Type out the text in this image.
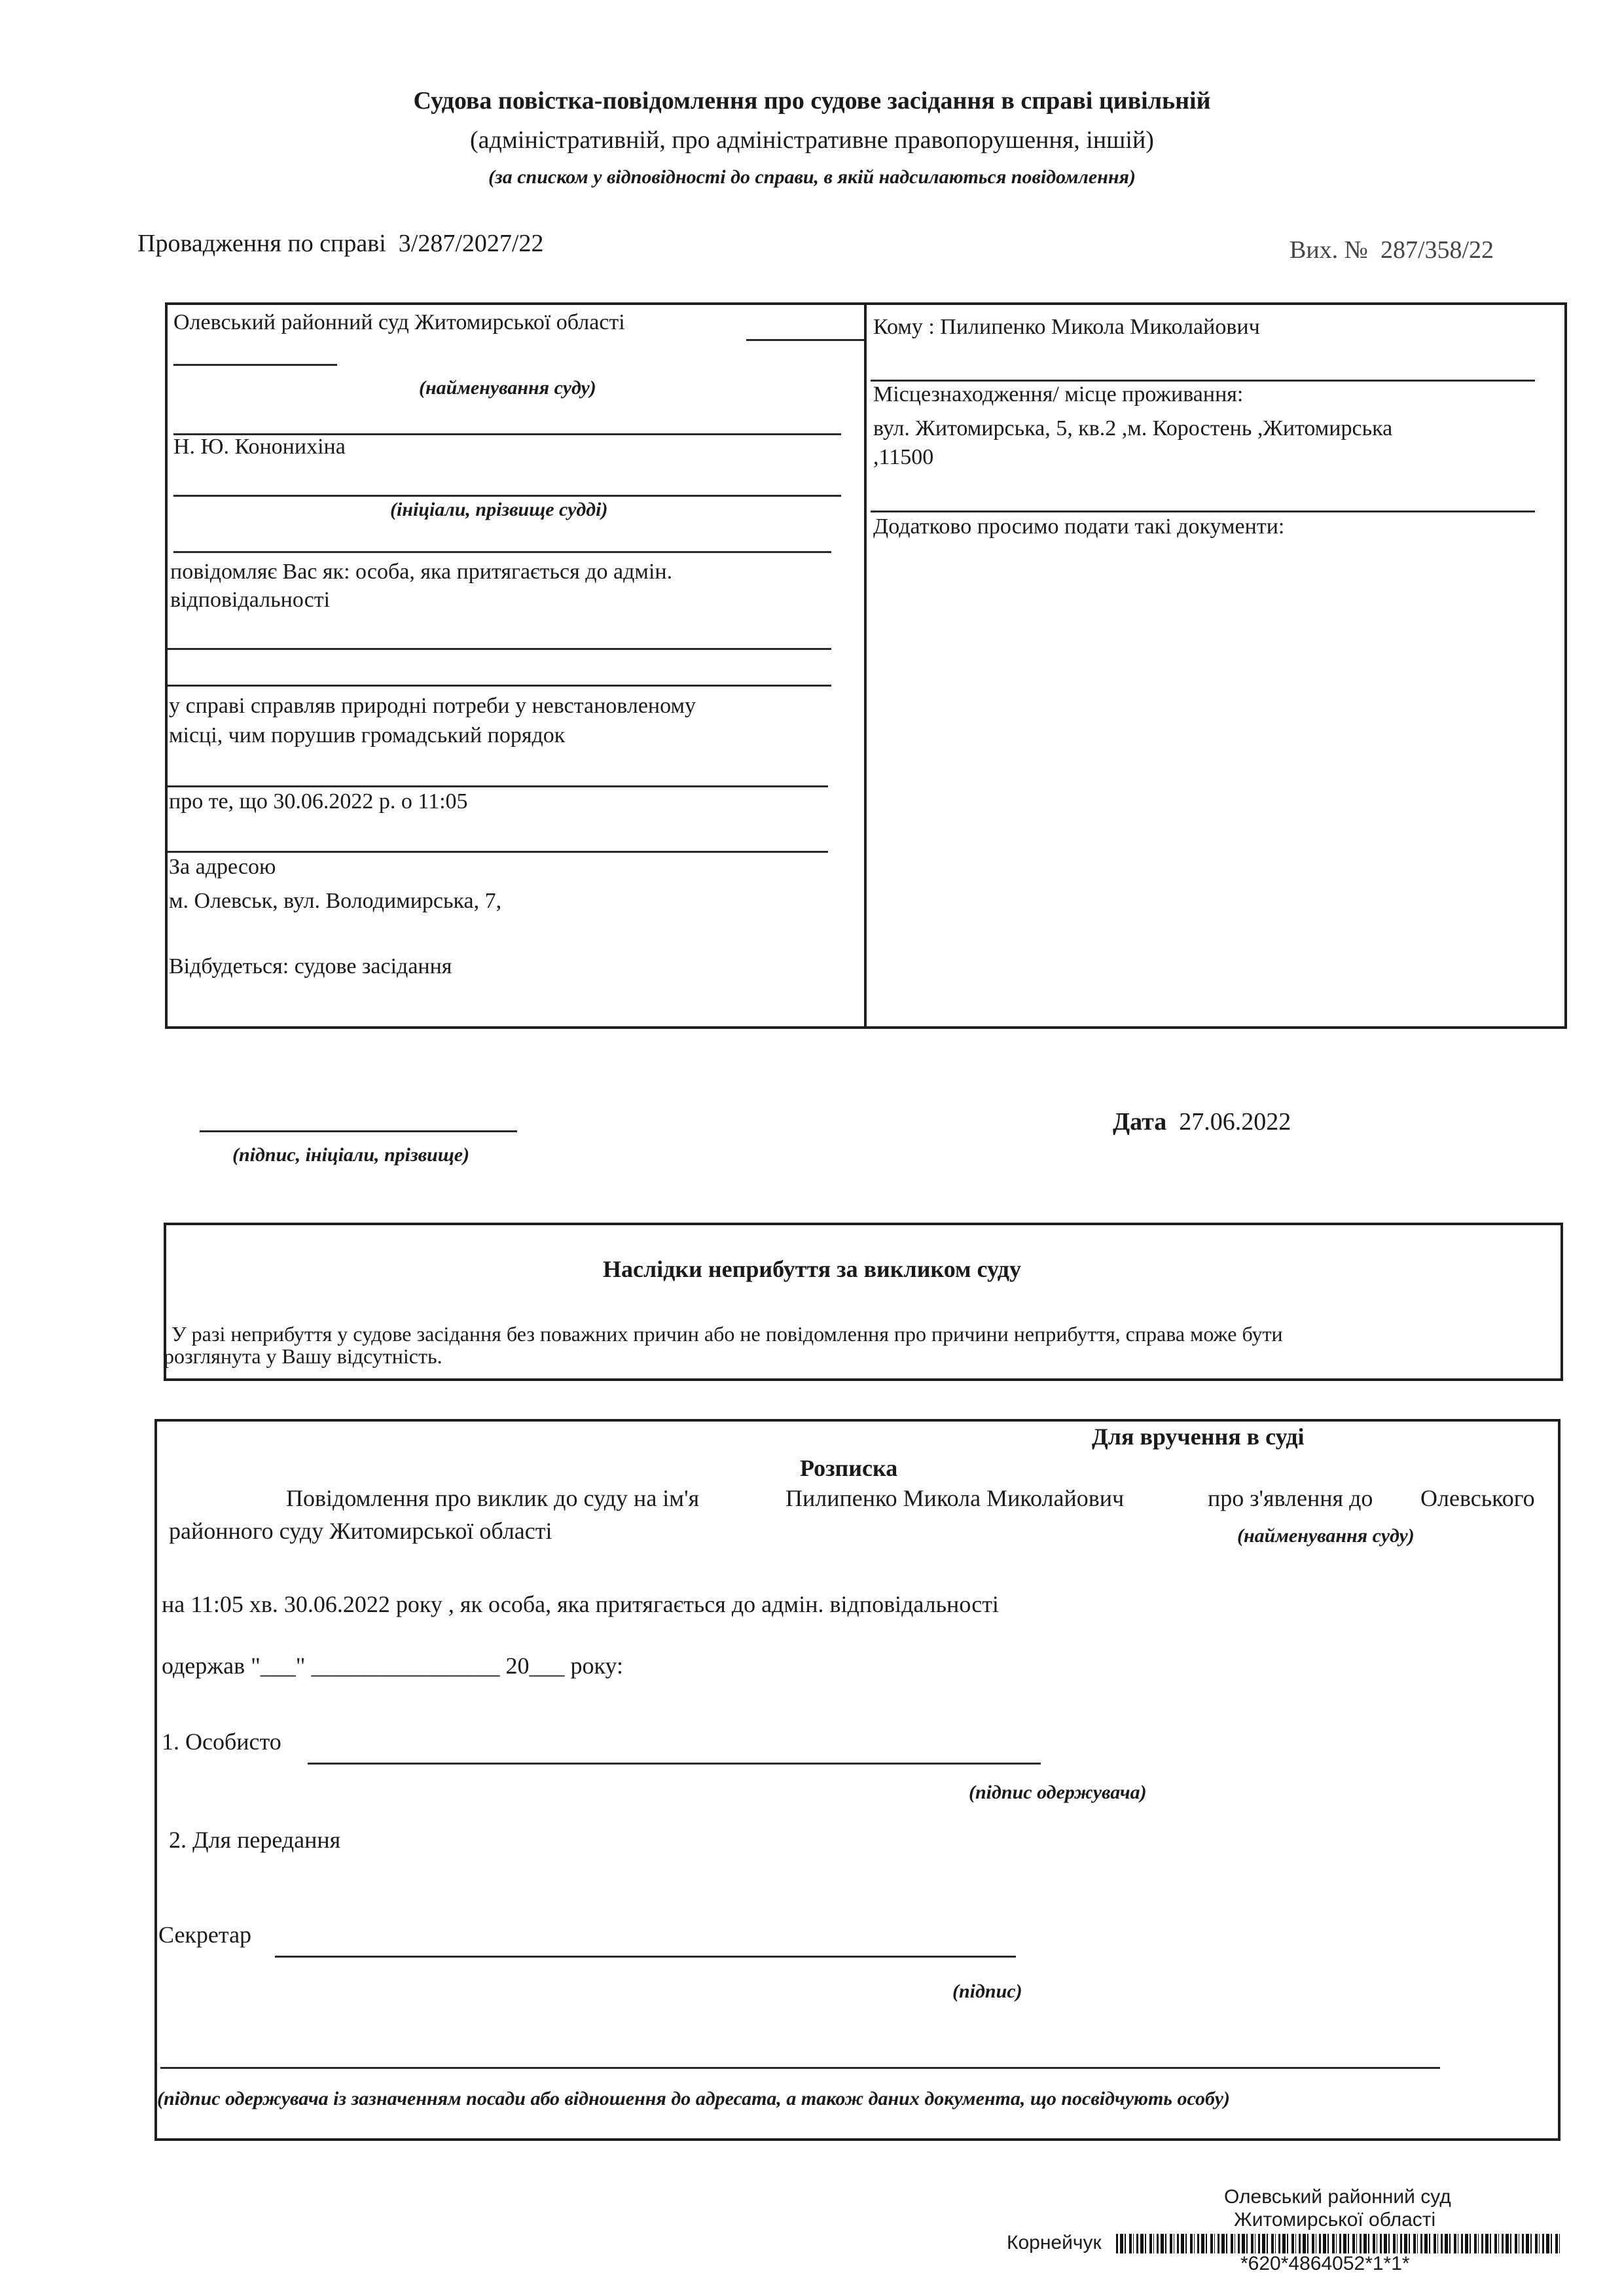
Судова повістка-повідомлення про судове засідання в справі цивільній
(адміністративній, про адміністративне правопорушення, іншій)
(за списком у відповідності до справи, в якій надсилаються повідомлення)
Провадження по справі 3/287/2027/22	Вих. № 287/358/22
Олевський районний суд Житомирської області
(найменування суду)
Н. Ю. Кононихіна
(ініціали, прізвище судді)
повідомляє Вас як: особа, яка притягається до адмін.
відповідальності
у справі справляв природні потреби у невстановленому
місці, чим порушив громадський порядок
про те, що 30.06.2022 р. о 11:05
За адресою
м. Олевськ, вул. Володимирська, 7,
Відбудеться: судове засідання
Кому : Пилипенко Микола Миколайович
Місцезнаходження/ місце проживання:
вул. Житомирська, 5, кв.2 ,м. Коростень ,Житомирська
,11500
Додатково просимо подати такі документи:
(підпис, ініціали, прізвище)
Дата 27.06.2022
Наслідки неприбуття за викликом суду
У разі неприбуття у судове засідання без поважних причин або не повідомлення про причини неприбуття, справа може бути
розглянута у Вашу відсутність.
Для вручення в суді
Розписка
Повідомлення про виклик до суду на ім'я	Пилипенко Микола Миколайович	про з'явлення до Олевського
районного суду Житомирської області	(найменування суду)
на 11:05 хв. 30.06.2022 року , як особа, яка притягається до адмін. відповідальності
одержав "___" ________________ 20___ року:
1. Особисто
(підпис одержувача)
2. Для передання
Секретар
(підпис)
(підпис одержувача із зазначенням посади або відношення до адресата, а також даних документа, що посвідчують особу)
Олевський районний суд
Житомирської області
Корнейчук
*620*4864052*1*1*
